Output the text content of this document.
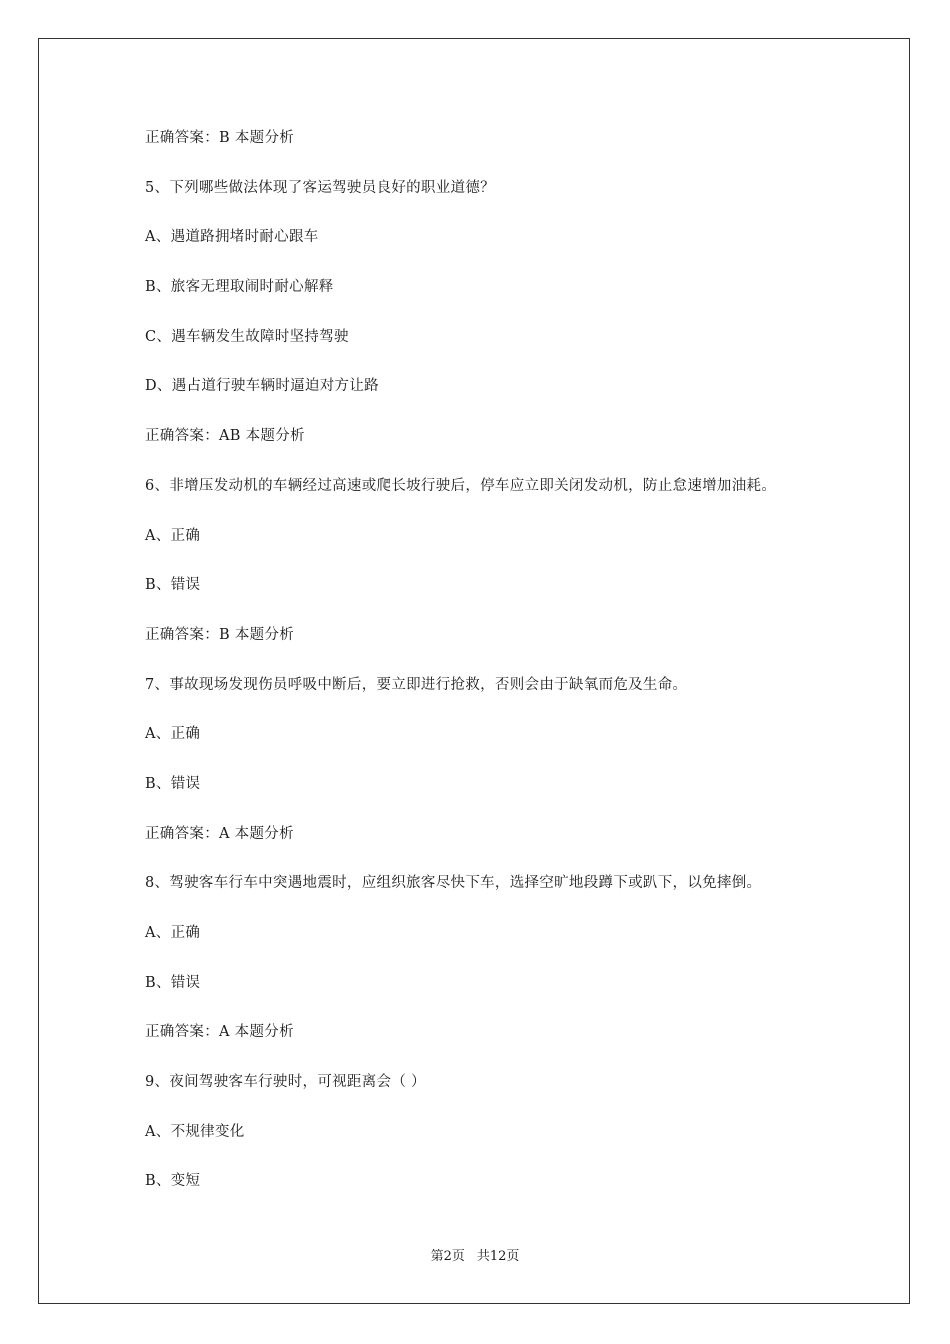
正确答案：B 本题分析
5、下列哪些做法体现了客运驾驶员良好的职业道德？
A、遇道路拥堵时耐心跟车
B、旅客无理取闹时耐心解释
C、遇车辆发生故障时坚持驾驶
D、遇占道行驶车辆时逼迫对方让路
正确答案：AB 本题分析
6、非增压发动机的车辆经过高速或爬长坡行驶后，停车应立即关闭发动机，防止怠速增加油耗。
A、正确
B、错误
正确答案：B 本题分析
7、事故现场发现伤员呼吸中断后，要立即进行抢救，否则会由于缺氧而危及生命。
A、正确
B、错误
正确答案：A 本题分析
8、驾驶客车行车中突遇地震时，应组织旅客尽快下车，选择空旷地段蹲下或趴下，以免摔倒。
A、正确
B、错误
正确答案：A 本题分析
9、夜间驾驶客车行驶时，可视距离会（ ）
A、不规律变化
B、变短
第2页 共12页
